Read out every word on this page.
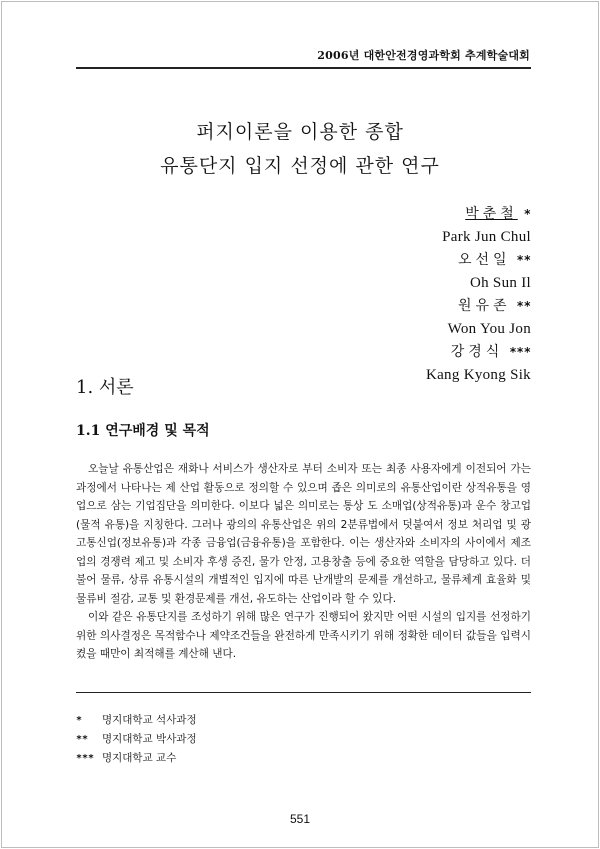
2006년 대한안전경영과학회 추계학술대회
퍼지이론을 이용한 종합
유통단지 입지 선정에 관한 연구
박춘철 *
Park Jun Chul
오선일 **
Oh Sun Il
원유존 **
Won You Jon
강경식 ***
Kang Kyong Sik
1. 서론
1.1 연구배경 및 목적

오늘날 유통산업은 재화나 서비스가 생산자로 부터 소비자 또는 최종 사용자에게 이전되어 가는 과정에서 나타나는 제 산업 활동으로 정의할 수 있으며 좁은 의미로의 유통산업이란 상적유통을 영업으로 삼는 기업집단을 의미한다. 이보다 넓은 의미로는 통상 도 소매업(상적유통)과 운수 창고업(물적 유통)을 지칭한다. 그러나 광의의 유통산업은 위의 2분류법에서 덧붙여서 정보 처리업 및 광고통신업(정보유통)과 각종 금융업(금융유통)을 포함한다. 이는 생산자와 소비자의 사이에서 제조업의 경쟁력 제고 및 소비자 후생 증진, 물가 안정, 고용창출 등에 중요한 역할을 담당하고 있다. 더불어 물류, 상류 유통시설의 개별적인 입지에 따른 난개발의 문제를 개선하고, 물류체계 효율화 및 물류비 절감, 교통 및 환경문제를 개선, 유도하는 산업이라 할 수 있다.

이와 같은 유통단지를 조성하기 위해 많은 연구가 진행되어 왔지만 어떤 시설의 입지를 선정하기 위한 의사결정은 목적함수나 제약조건들을 완전하게 만족시키기 위해 정확한 데이터 값들을 입력시켰을 때만이 최적해를 계산해 낸다.

* 명지대학교 석사과정
** 명지대학교 박사과정
*** 명지대학교 교수
551
